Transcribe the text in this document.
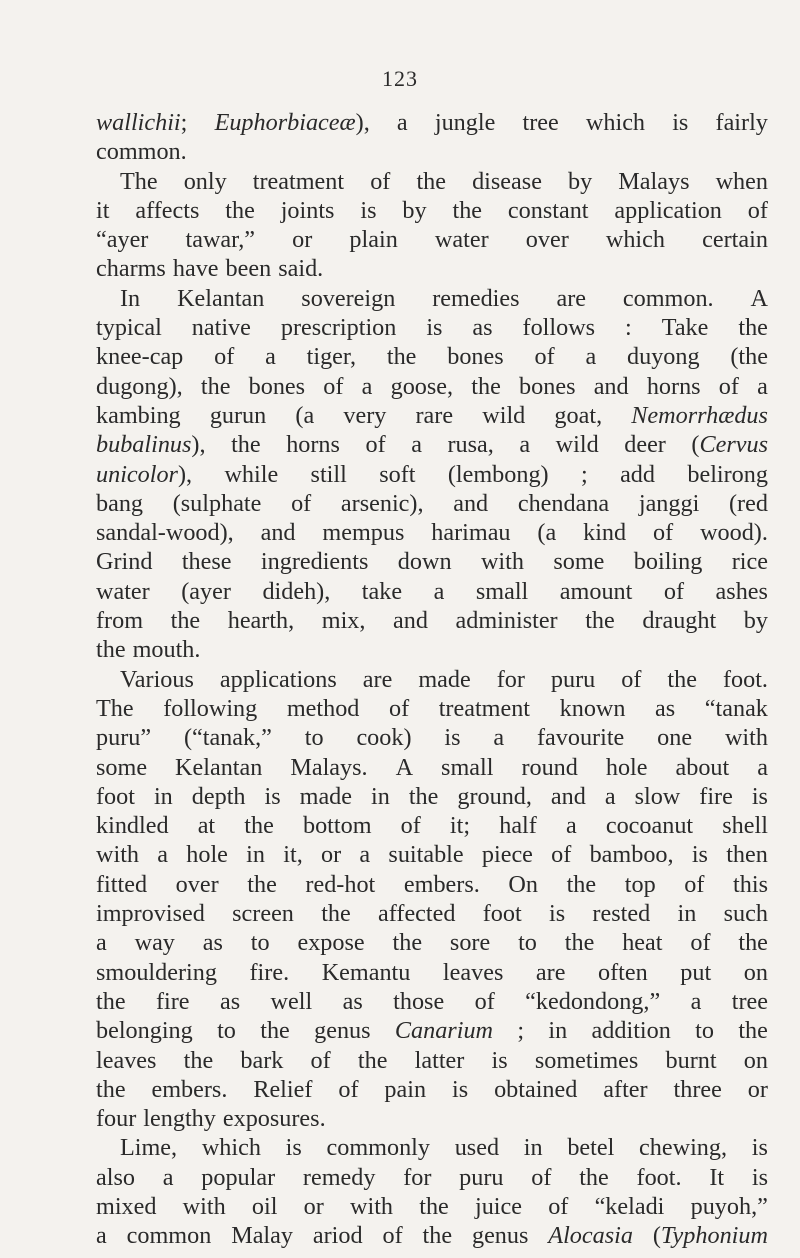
123
wallichii; Euphorbiaceæ), a jungle tree which is fairly
common.
The only treatment of the disease by Malays when
it affects the joints is by the constant application of
“ayer tawar,” or plain water over which certain
charms have been said.
In Kelantan sovereign remedies are common. A
typical native prescription is as follows : Take the
knee-cap of a tiger, the bones of a duyong (the
dugong), the bones of a goose, the bones and horns of a
kambing gurun (a very rare wild goat, Nemorrhædus
bubalinus), the horns of a rusa, a wild deer (Cervus
unicolor), while still soft (lembong) ; add belirong
bang (sulphate of arsenic), and chendana janggi (red
sandal-wood), and mempus harimau (a kind of wood).
Grind these ingredients down with some boiling rice
water (ayer dideh), take a small amount of ashes
from the hearth, mix, and administer the draught by
the mouth.
Various applications are made for puru of the foot.
The following method of treatment known as “tanak
puru” (“tanak,” to cook) is a favourite one with
some Kelantan Malays. A small round hole about a
foot in depth is made in the ground, and a slow fire is
kindled at the bottom of it; half a cocoanut shell
with a hole in it, or a suitable piece of bamboo, is then
fitted over the red-hot embers. On the top of this
improvised screen the affected foot is rested in such
a way as to expose the sore to the heat of the
smouldering fire. Kemantu leaves are often put on
the fire as well as those of “kedondong,” a tree
belonging to the genus Canarium ; in addition to the
leaves the bark of the latter is sometimes burnt on
the embers. Relief of pain is obtained after three or
four lengthy exposures.
Lime, which is commonly used in betel chewing, is
also a popular remedy for puru of the foot. It is
mixed with oil or with the juice of “keladi puyoh,”
a common Malay ariod of the genus Alocasia (Typhonium
